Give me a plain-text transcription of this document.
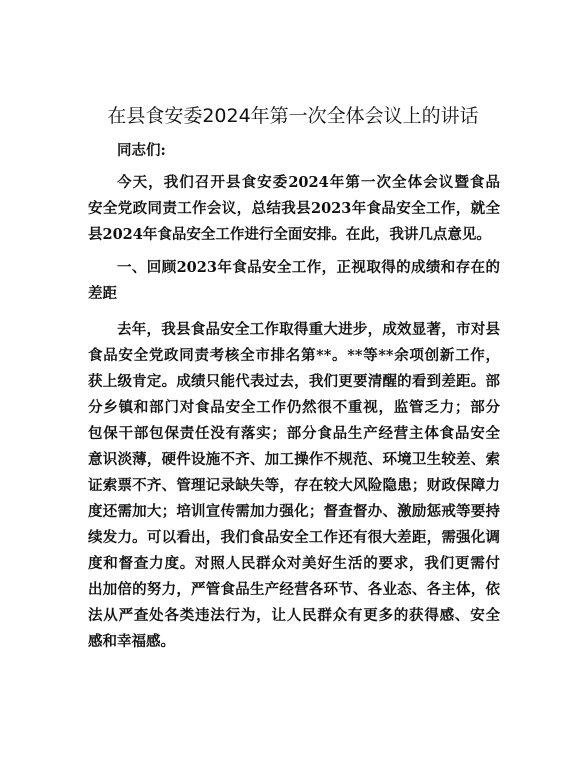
在县食安委2024年第一次全体会议上的讲话
同志们:
今天，我们召开县食安委2024年第一次全体会议暨食品
安全党政同责工作会议，总结我县2023年食品安全工作，就全
县2024年食品安全工作进行全面安排。在此，我讲几点意见。
一、回顾2023年食品安全工作，正视取得的成绩和存在的
差距
去年，我县食品安全工作取得重大进步，成效显著，市对县
食品安全党政同责考核全市排名第**。**等**余项创新工作，
获上级肯定。成绩只能代表过去，我们更要清醒的看到差距。部
分乡镇和部门对食品安全工作仍然很不重视，监管乏力；部分
包保干部包保责任没有落实；部分食品生产经营主体食品安全
意识淡薄，硬件设施不齐、加工操作不规范、环境卫生较差、索
证索票不齐、管理记录缺失等，存在较大风险隐患；财政保障力
度还需加大；培训宣传需加力强化；督查督办、激励惩戒等要持
续发力。可以看出，我们食品安全工作还有很大差距，需强化调
度和督查力度。对照人民群众对美好生活的要求，我们更需付
出加倍的努力，严管食品生产经营各环节、各业态、各主体，依
法从严查处各类违法行为，让人民群众有更多的获得感、安全
感和幸福感。
